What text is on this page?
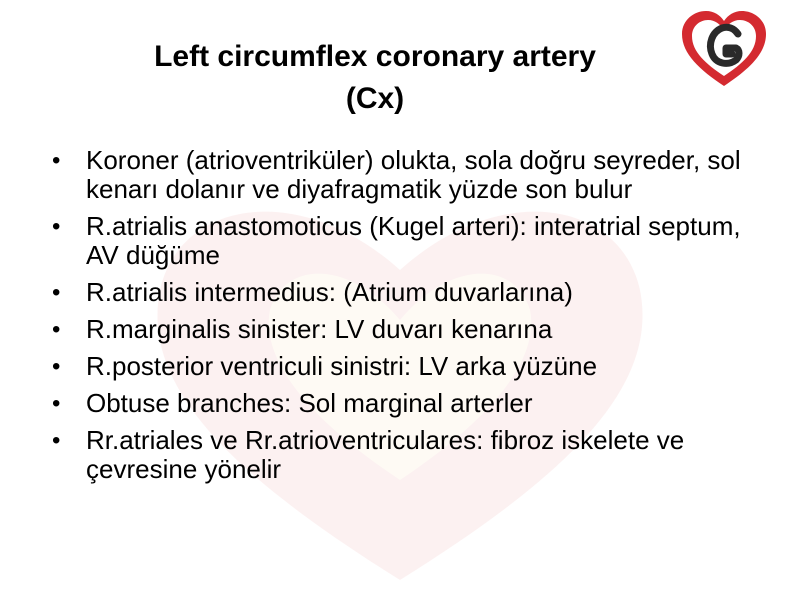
Left circumflex coronary artery
(Cx)
• Koroner (atrioventriküler) olukta, sola doğru seyreder, sol kenarı dolanır ve diyafragmatik yüzde son bulur
• R.atrialis anastomoticus (Kugel arteri): interatrial septum, AV düğüme
• R.atrialis intermedius: (Atrium duvarlarına)
• R.marginalis sinister: LV duvarı kenarına
• R.posterior ventriculi sinistri: LV arka yüzüne
• Obtuse branches: Sol marginal arterler
• Rr.atriales ve Rr.atrioventriculares: fibroz iskelete ve çevresine yönelir
